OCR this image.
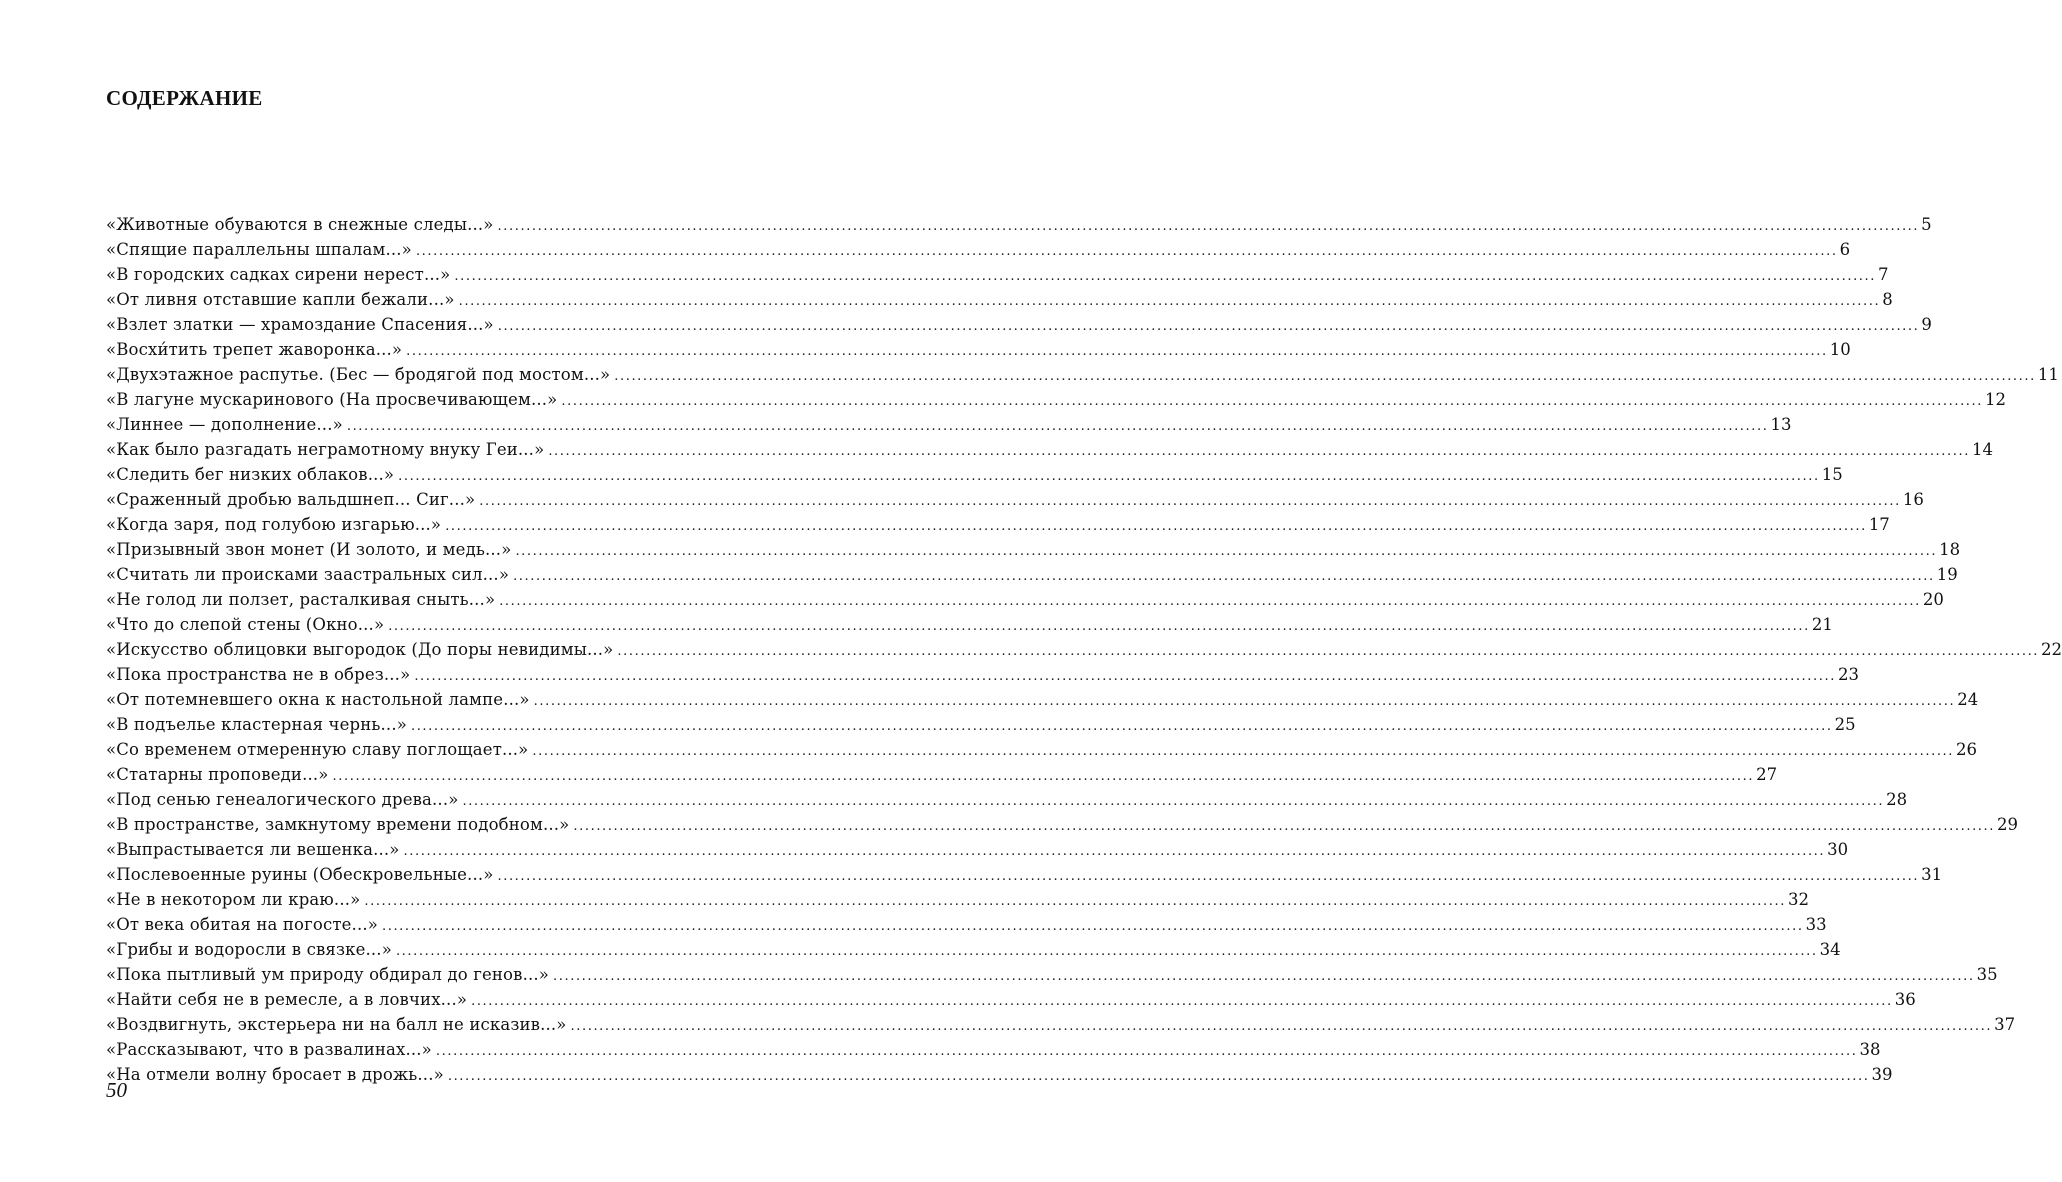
СОДЕРЖАНИЕ
«Животные обуваются в снежные следы...» .....	5
«Спящие параллельны шпалам...» .....	6
«В городских садках сирени нерест...» .....	7
«От ливня отставшие капли бежали...» .....	8
«Взлет златки — храмоздание Спасения...» .....	9
«Восхи́тить трепет жаворонка...» .....	10
«Двухэтажное распутье. (Бес — бродягой под мостом...» .....	11
«В лагуне мускаринового (На просвечивающем...» .....	12
«Линнее — дополнение...» .....	13
«Как было разгадать неграмотному внуку Геи...» .....	14
«Следить бег низких облаков...» .....	15
«Сраженный дробью вальдшнеп... Сиг...» .....	16
«Когда заря, под голубою изгарью...» .....	17
«Призывный звон монет (И золото, и медь...» .....	18
«Считать ли происками заастральных сил...» .....	19
«Не голод ли ползет, расталкивая сныть...» .....	20
«Что до слепой стены (Окно...» .....	21
«Искусство облицовки выгородок (До поры невидимы...» .....	22
«Пока пространства не в обрез...» .....	23
«От потемневшего окна к настольной лампе...» .....	24
«В подъелье кластерная чернь...» .....	25
«Со временем отмеренную славу поглощает...» .....	26
«Статарны проповеди...» .....	27
«Под сенью генеалогического древа...» .....	28
«В пространстве, замкнутому времени подобном...» .....	29
«Выпрастывается ли вешенка...» .....	30
«Послевоенные руины (Обескровельные...» .....	31
«Не в некотором ли краю...» .....	32
«От века обитая на погосте...» .....	33
«Грибы и водоросли в связке...» .....	34
«Пока пытливый ум природу обдирал до генов...» .....	35
«Найти себя не в ремесле, а в ловчих...» .....	36
«Воздвигнуть, экстерьера ни на балл не исказив...» .....	37
«Рассказывают, что в развалинах...» .....	38
«На отмели волну бросает в дрожь...» .....	39
50
